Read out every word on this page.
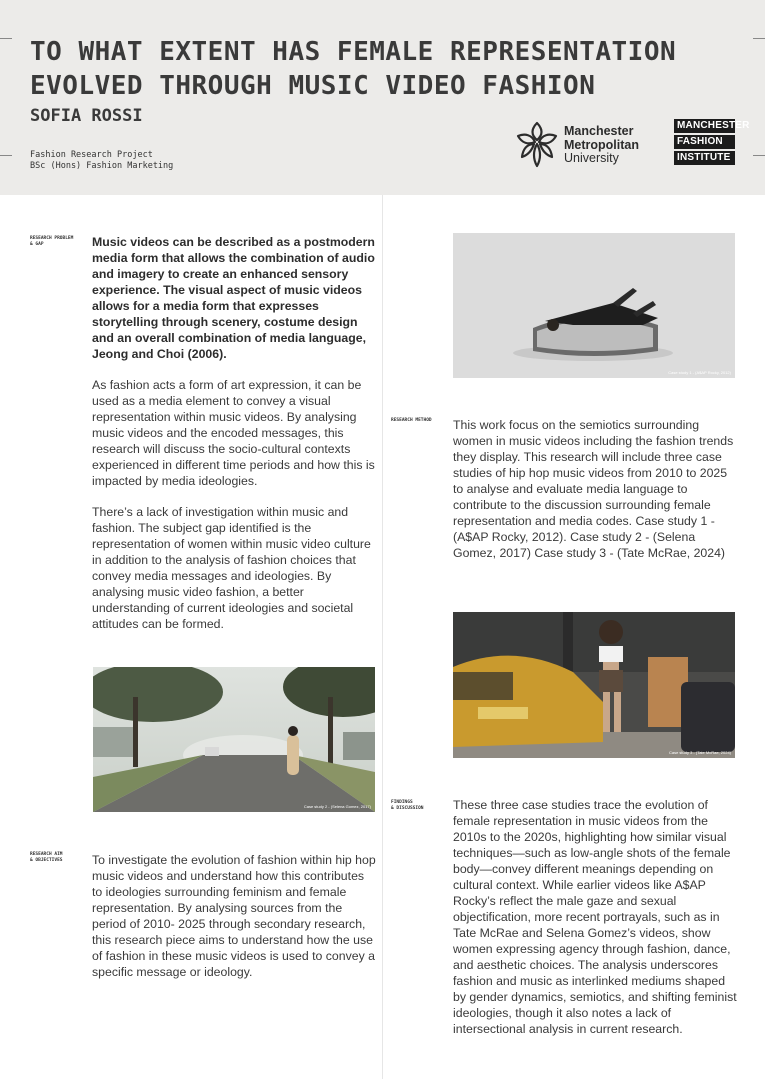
TO WHAT EXTENT HAS FEMALE REPRESENTATION
EVOLVED THROUGH MUSIC VIDEO FASHION
SOFIA ROSSI
Fashion Research Project
BSc (Hons) Fashion Marketing
Manchester
Metropolitan
University
MANCHESTER
FASHION
INSTITUTE
RESEARCH PROBLEM
& GAP	Music videos can be described as a postmodern media form that allows the combination of audio and imagery to create an enhanced sensory experience. The visual aspect of music videos allows for a media form that expresses storytelling through scenery, costume design and an overall combination of media language, Jeong and Choi (2006).

As fashion acts a form of art expression, it can be used as a media element to convey a visual representation within music videos. By analysing music videos and the encoded messages, this research will discuss the socio-cultural contexts experienced in different time periods and how this is impacted by media ideologies.

There’s a lack of investigation within music and fashion. The subject gap identified is the representation of women within music video culture in addition to the analysis of fashion choices that convey media messages and ideologies. By analysing music video fashion, a better understanding of current ideologies and societal attitudes can be formed.

Case study 2 - (Selena Gomez, 2017)
RESEARCH AIM
& OBJECTIVES To investigate the evolution of fashion within hip hop music videos and understand how this contributes to ideologies surrounding feminism and female representation. By analysing sources from the period of 2010- 2025 through secondary research, this research piece aims to understand how the use of fashion in these music videos is used to convey a specific message or ideology.

Case study 1 - (A$AP Rocky, 2012)
RESEARCH METHOD This work focus on the semiotics surrounding women in music videos including the fashion trends they display. This research will include three case studies of hip hop music videos from 2010 to 2025 to analyse and evaluate media language to contribute to the discussion surrounding female representation and media codes. Case study 1 - (A$AP Rocky, 2012). Case study 2 - (Selena Gomez, 2017) Case study 3 - (Tate McRae, 2024)

Case study 3 - (Tate McRae, 2024)
FINDINGS
& DISCUSSION These three case studies trace the evolution of female representation in music videos from the 2010s to the 2020s, highlighting how similar visual techniques—such as low-angle shots of the female body—convey different meanings depending on cultural context. While earlier videos like A$AP Rocky’s reflect the male gaze and sexual objectification, more recent portrayals, such as in Tate McRae and Selena Gomez’s videos, show women expressing agency through fashion, dance, and aesthetic choices. The analysis underscores fashion and music as interlinked mediums shaped by gender dynamics, semiotics, and shifting feminist ideologies, though it also notes a lack of intersectional analysis in current research.
